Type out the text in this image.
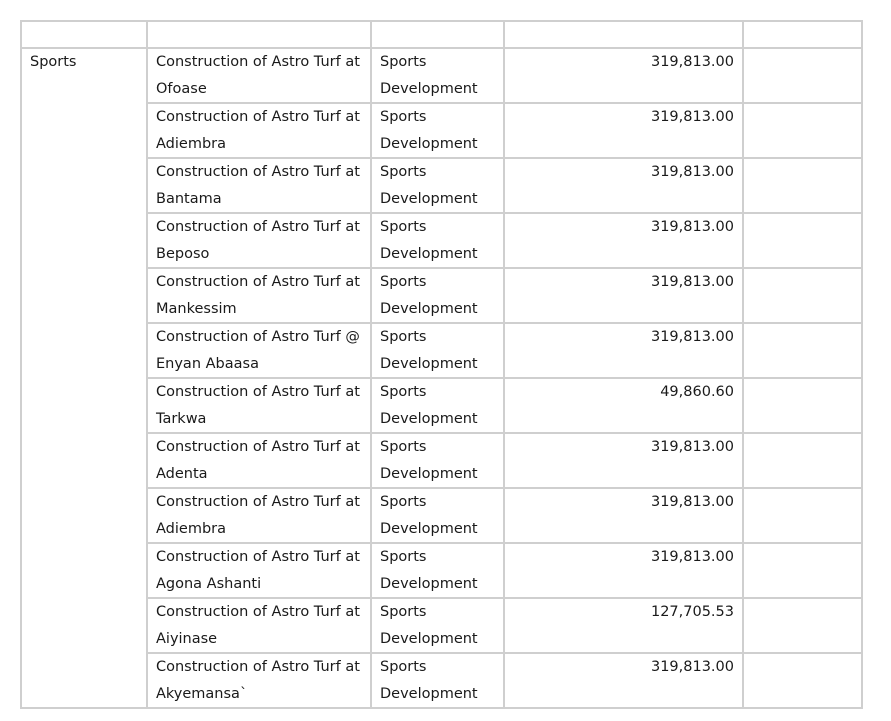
Sports	Construction of Astro Turf at Ofoase	Sports Development	319,813.00	
	Construction of Astro Turf at Adiembra	Sports Development	319,813.00	
	Construction of Astro Turf at Bantama	Sports Development	319,813.00	
	Construction of Astro Turf at Beposo	Sports Development	319,813.00	
	Construction of Astro Turf at Mankessim	Sports Development	319,813.00	
	Construction of Astro Turf @ Enyan Abaasa	Sports Development	319,813.00	
	Construction of Astro Turf at Tarkwa	Sports Development	49,860.60	
	Construction of Astro Turf at Adenta	Sports Development	319,813.00	
	Construction of Astro Turf at Adiembra	Sports Development	319,813.00	
	Construction of Astro Turf at Agona Ashanti	Sports Development	319,813.00	
	Construction of Astro Turf at Aiyinase	Sports Development	127,705.53	
	Construction of Astro Turf at Akyemansa`	Sports Development	319,813.00	
